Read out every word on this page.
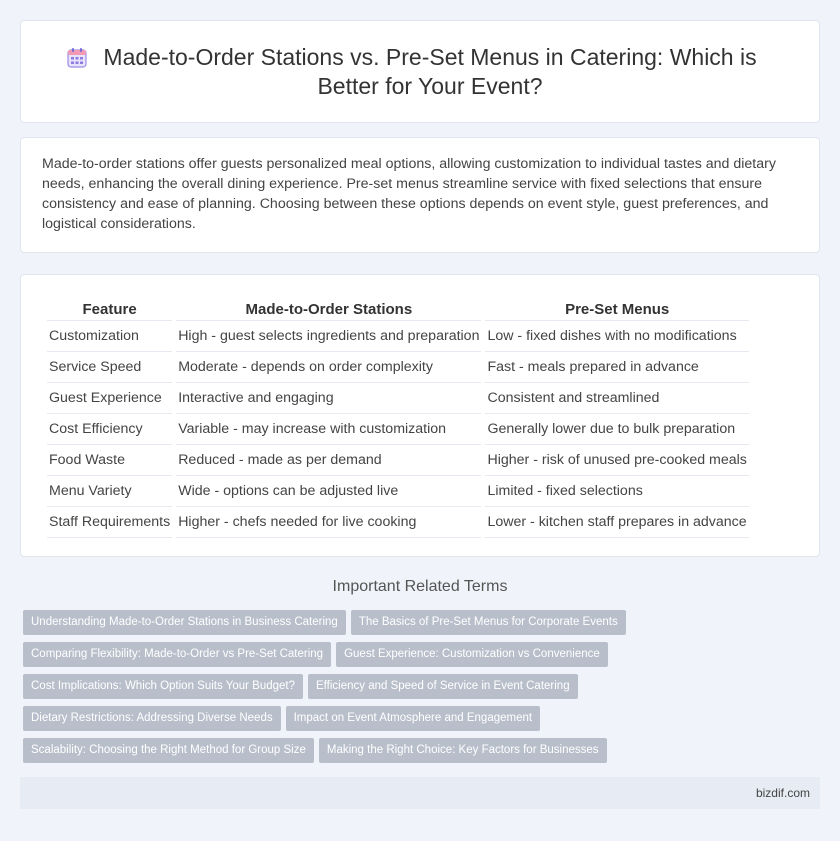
Made-to-Order Stations vs. Pre-Set Menus in Catering: Which is Better for Your Event?

Made-to-order stations offer guests personalized meal options, allowing customization to individual tastes and dietary needs, enhancing the overall dining experience. Pre-set menus streamline service with fixed selections that ensure consistency and ease of planning. Choosing between these options depends on event style, guest preferences, and logistical considerations.

Feature	Made-to-Order Stations	Pre-Set Menus
Customization	High - guest selects ingredients and preparation	Low - fixed dishes with no modifications
Service Speed	Moderate - depends on order complexity	Fast - meals prepared in advance
Guest Experience	Interactive and engaging	Consistent and streamlined
Cost Efficiency	Variable - may increase with customization	Generally lower due to bulk preparation
Food Waste	Reduced - made as per demand	Higher - risk of unused pre-cooked meals
Menu Variety	Wide - options can be adjusted live	Limited - fixed selections
Staff Requirements	Higher - chefs needed for live cooking	Lower - kitchen staff prepares in advance
Important Related Terms
Understanding Made-to-Order Stations in Business Catering The Basics of Pre-Set Menus for Corporate Events
Comparing Flexibility: Made-to-Order vs Pre-Set Catering Guest Experience: Customization vs Convenience
Cost Implications: Which Option Suits Your Budget? Efficiency and Speed of Service in Event Catering
Dietary Restrictions: Addressing Diverse Needs Impact on Event Atmosphere and Engagement
Scalability: Choosing the Right Method for Group Size Making the Right Choice: Key Factors for Businesses
bizdif.com
